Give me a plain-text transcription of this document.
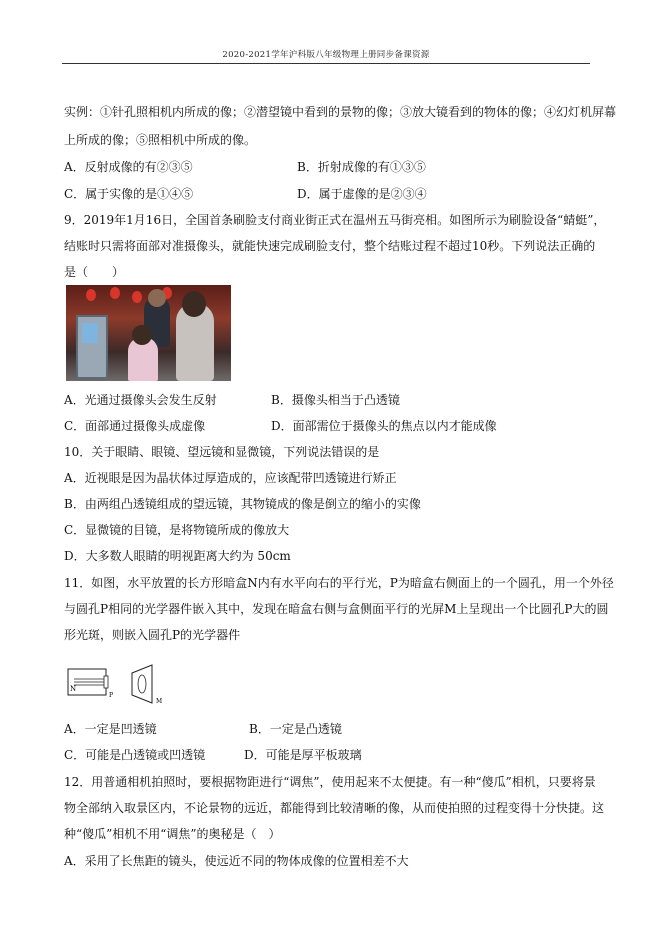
2020-2021学年沪科版八年级物理上册同步备课资源
实例：①针孔照相机内所成的像；②潜望镜中看到的景物的像；③放大镜看到的物体的像；④幻灯机屏幕
上所成的像；⑤照相机中所成的像。
A．反射成像的有②③⑤	B．折射成像的有①③⑤
C．属于实像的是①④⑤	D．属于虚像的是②③④
9．2019年1月16日，全国首条刷脸支付商业街正式在温州五马街亮相。如图所示为刷脸设备“蜻蜓”，
结账时只需将面部对准摄像头，就能快速完成刷脸支付，整个结账过程不超过10秒。下列说法正确的
是（　　）
A．光通过摄像头会发生反射	B．摄像头相当于凸透镜
C．面部通过摄像头成虚像	D．面部需位于摄像头的焦点以内才能成像
10．关于眼睛、眼镜、望远镜和显微镜，下列说法错误的是
A．近视眼是因为晶状体过厚造成的，应该配带凹透镜进行矫正
B．由两组凸透镜组成的望远镜，其物镜成的像是倒立的缩小的实像
C．显微镜的目镜，是将物镜所成的像放大
D．大多数人眼睛的明视距离大约为 50cm
11．如图，水平放置的长方形暗盒N内有水平向右的平行光，P为暗盒右侧面上的一个圆孔，用一个外径
与圆孔P相同的光学器件嵌入其中，发现在暗盒右侧与盒侧面平行的光屏M上呈现出一个比圆孔P大的圆
形光斑，则嵌入圆孔P的光学器件
N
P
M
A．一定是凹透镜	B．一定是凸透镜
C．可能是凸透镜或凹透镜	D．可能是厚平板玻璃
12．用普通相机拍照时，要根据物距进行“调焦”，使用起来不太便捷。有一种“傻瓜”相机，只要将景
物全部纳入取景区内，不论景物的远近，都能得到比较清晰的像，从而使拍照的过程变得十分快捷。这
种“傻瓜”相机不用“调焦”的奥秘是（　）
A．采用了长焦距的镜头，使远近不同的物体成像的位置相差不大
